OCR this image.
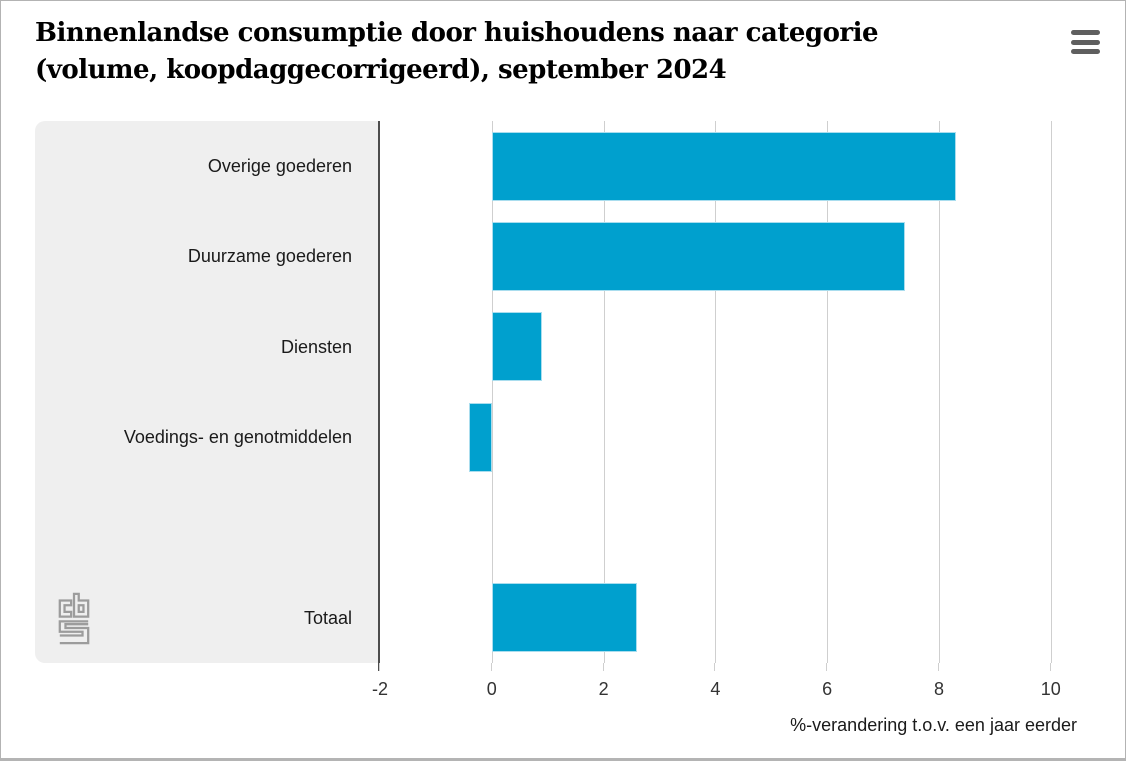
Binnenlandse consumptie door huishoudens naar categorie
(volume, koopdaggecorrigeerd), september 2024
Overige goederen
Duurzame goederen
Diensten
Voedings- en genotmiddelen
Totaal
-2	0	2	4	6	8	10
%-verandering t.o.v. een jaar eerder
